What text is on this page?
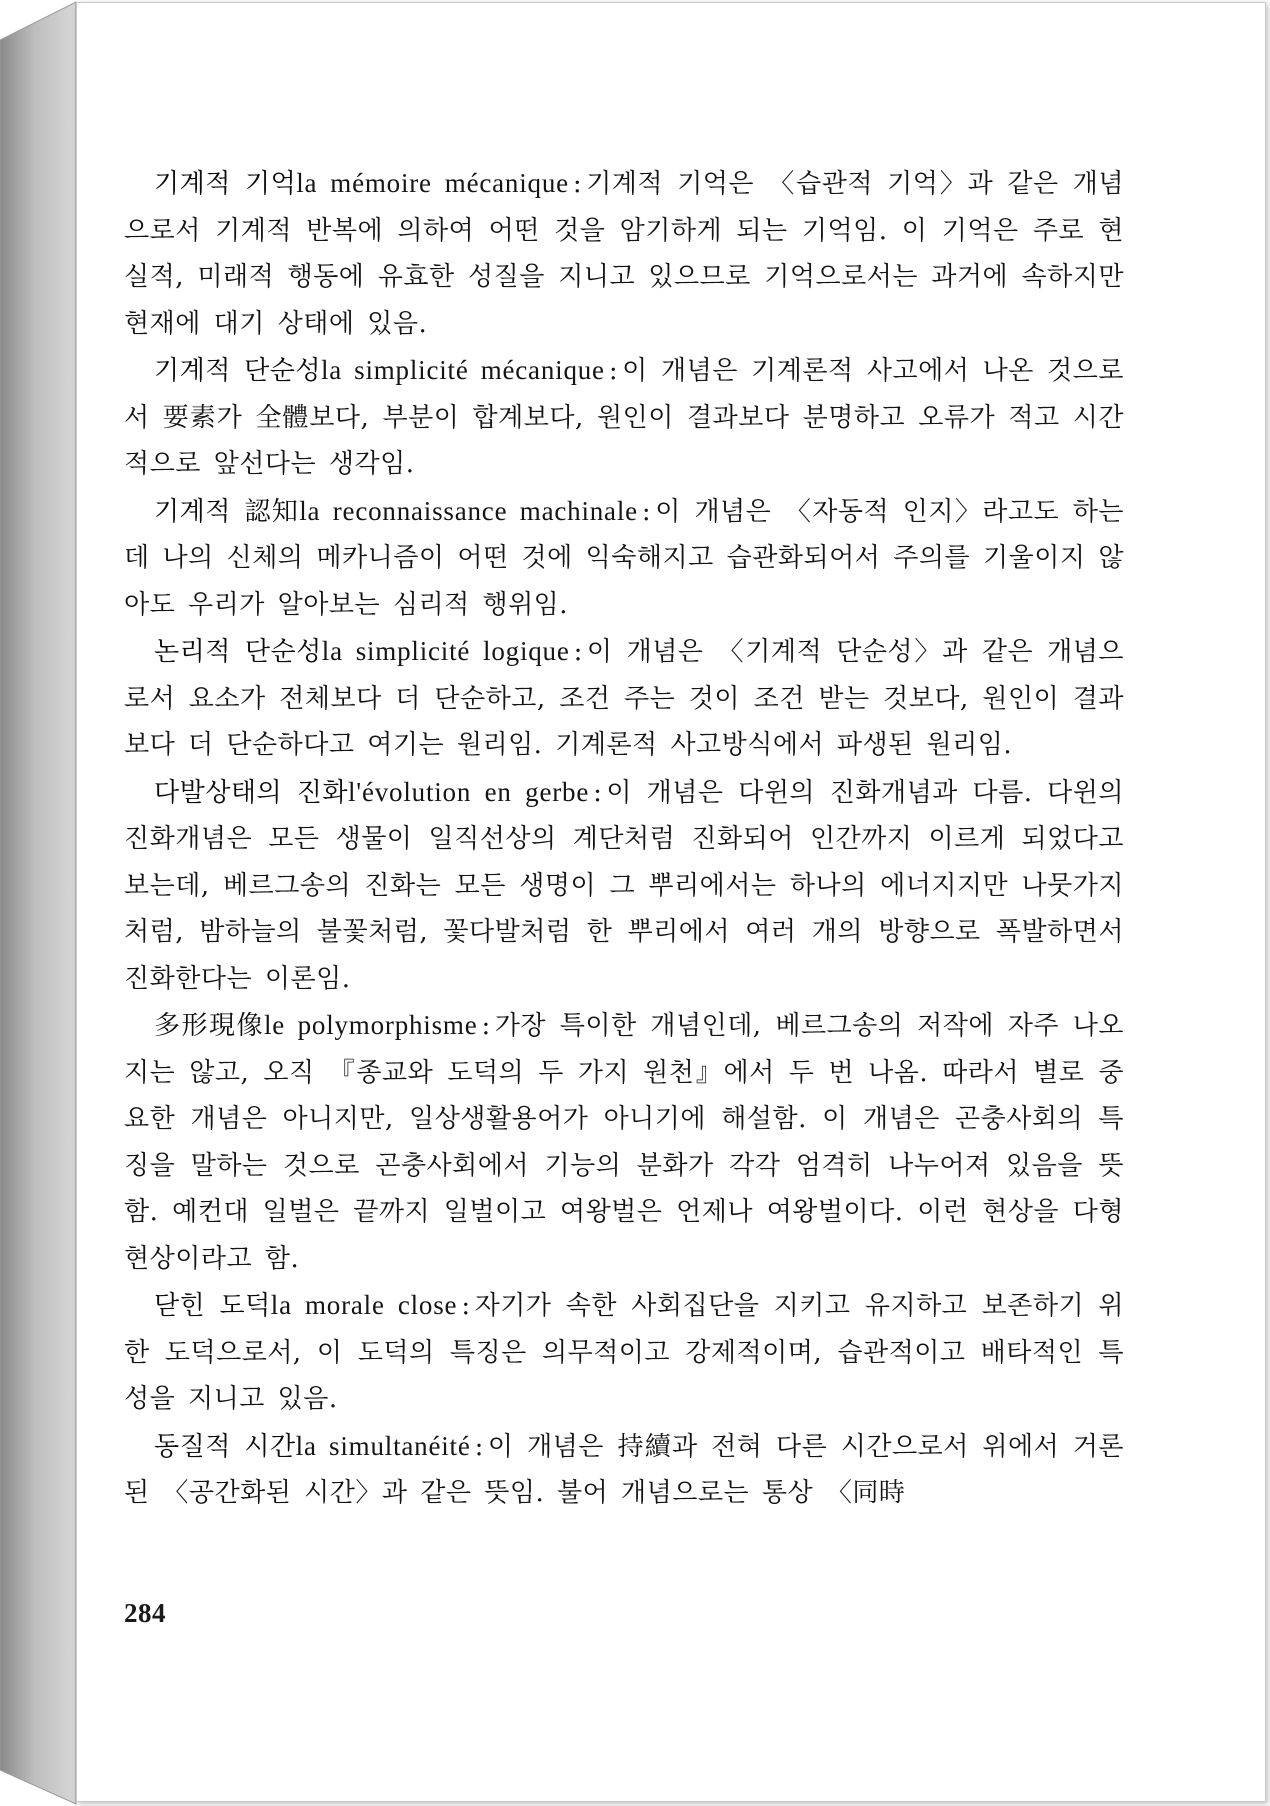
기계적 기억la mémoire mécanique : 기계적 기억은 〈습관적 기억〉과 같은 개념으로서 기계적 반복에 의하여 어떤 것을 암기하게 되는 기억임. 이 기억은 주로 현실적, 미래적 행동에 유효한 성질을 지니고 있으므로 기억으로서는 과거에 속하지만 현재에 대기 상태에 있음.

기계적 단순성la simplicité mécanique : 이 개념은 기계론적 사고에서 나온 것으로서 要素가 全體보다, 부분이 합계보다, 원인이 결과보다 분명하고 오류가 적고 시간적으로 앞선다는 생각임.

기계적 認知la reconnaissance machinale : 이 개념은 〈자동적 인지〉라고도 하는데 나의 신체의 메카니즘이 어떤 것에 익숙해지고 습관화되어서 주의를 기울이지 않아도 우리가 알아보는 심리적 행위임.

논리적 단순성la simplicité logique : 이 개념은 〈기계적 단순성〉과 같은 개념으로서 요소가 전체보다 더 단순하고, 조건 주는 것이 조건 받는 것보다, 원인이 결과보다 더 단순하다고 여기는 원리임. 기계론적 사고방식에서 파생된 원리임.

다발상태의 진화l'évolution en gerbe : 이 개념은 다윈의 진화개념과 다름. 다윈의 진화개념은 모든 생물이 일직선상의 계단처럼 진화되어 인간까지 이르게 되었다고 보는데, 베르그송의 진화는 모든 생명이 그 뿌리에서는 하나의 에너지지만 나뭇가지처럼, 밤하늘의 불꽃처럼, 꽃다발처럼 한 뿌리에서 여러 개의 방향으로 폭발하면서 진화한다는 이론임.

多形現像le polymorphisme : 가장 특이한 개념인데, 베르그송의 저작에 자주 나오지는 않고, 오직 『종교와 도덕의 두 가지 원천』에서 두 번 나옴. 따라서 별로 중요한 개념은 아니지만, 일상생활용어가 아니기에 해설함. 이 개념은 곤충사회의 특징을 말하는 것으로 곤충사회에서 기능의 분화가 각각 엄격히 나누어져 있음을 뜻함. 예컨대 일벌은 끝까지 일벌이고 여왕벌은 언제나 여왕벌이다. 이런 현상을 다형현상이라고 함.

닫힌 도덕la morale close : 자기가 속한 사회집단을 지키고 유지하고 보존하기 위한 도덕으로서, 이 도덕의 특징은 의무적이고 강제적이며, 습관적이고 배타적인 특성을 지니고 있음.

동질적 시간la simultanéité : 이 개념은 持續과 전혀 다른 시간으로서 위에서 거론된 〈공간화된 시간〉과 같은 뜻임. 불어 개념으로는 통상 〈同時

284
